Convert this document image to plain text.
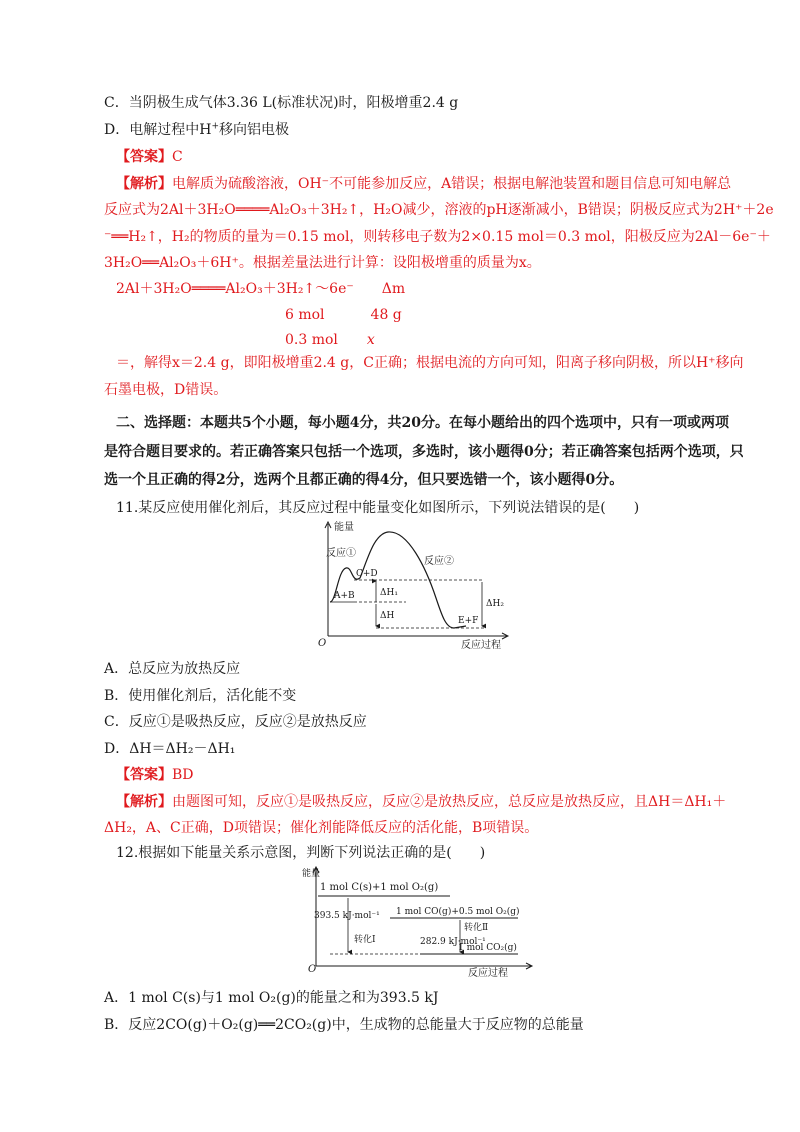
C．当阴极生成气体3.36 L(标准状况)时，阳极增重2.4 g
D．电解过程中H+移向铝电极
【答案】C
【解析】电解质为硫酸溶液，OH⁻不可能参加反应，A错误；根据电解池装置和题目信息可知电解总
反应式为2Al＋3H₂O════Al₂O₃＋3H₂↑，H₂O减少，溶液的pH逐渐减小，B错误；阴极反应式为2H⁺＋2e
⁻══H₂↑，H₂的物质的量为＝0.15 mol，则转移电子数为2×0.15 mol＝0.3 mol，阳极反应为2Al－6e⁻＋
3H₂O══Al₂O₃＋6H⁺。根据差量法进行计算：设阳极增重的质量为x。
2Al＋3H₂O════Al₂O₃＋3H₂↑～6e⁻ Δm
6 mol	48 g
0.3 mol x
＝，解得x＝2.4 g，即阳极增重2.4 g，C正确；根据电流的方向可知，阳离子移向阴极，所以H⁺移向
石墨电极，D错误。
二、选择题：本题共5个小题，每小题4分，共20分。在每小题给出的四个选项中，只有一项或两项
是符合题目要求的。若正确答案只包括一个选项，多选时，该小题得0分；若正确答案包括两个选项，只
选一个且正确的得2分，选两个且都正确的得4分，但只要选错一个，该小题得0分。
11.某反应使用催化剂后，其反应过程中能量变化如图所示，下列说法错误的是(　　)
能量
反应过程
O
反应①
反应②
C+D
A+B
E+F
ΔH₁
ΔH
ΔH₂
A．总反应为放热反应
B．使用催化剂后，活化能不变
C．反应①是吸热反应，反应②是放热反应
D．ΔH＝ΔH₂－ΔH₁
【答案】BD
【解析】由题图可知，反应①是吸热反应，反应②是放热反应，总反应是放热反应，且ΔH＝ΔH₁＋
ΔH₂，A、C正确，D项错误；催化剂能降低反应的活化能，B项错误。
12.根据如下能量关系示意图，判断下列说法正确的是(　　)
能量
反应过程
O
1 mol C(s)+1 mol O₂(g)
1 mol CO(g)+0.5 mol O₂(g)
1 mol CO₂(g)
393.5 kJ·mol⁻¹
282.9 kJ·mol⁻¹
转化Ⅰ
转化Ⅱ
A．1 mol C(s)与1 mol O₂(g)的能量之和为393.5 kJ
B．反应2CO(g)＋O₂(g)══2CO₂(g)中，生成物的总能量大于反应物的总能量
